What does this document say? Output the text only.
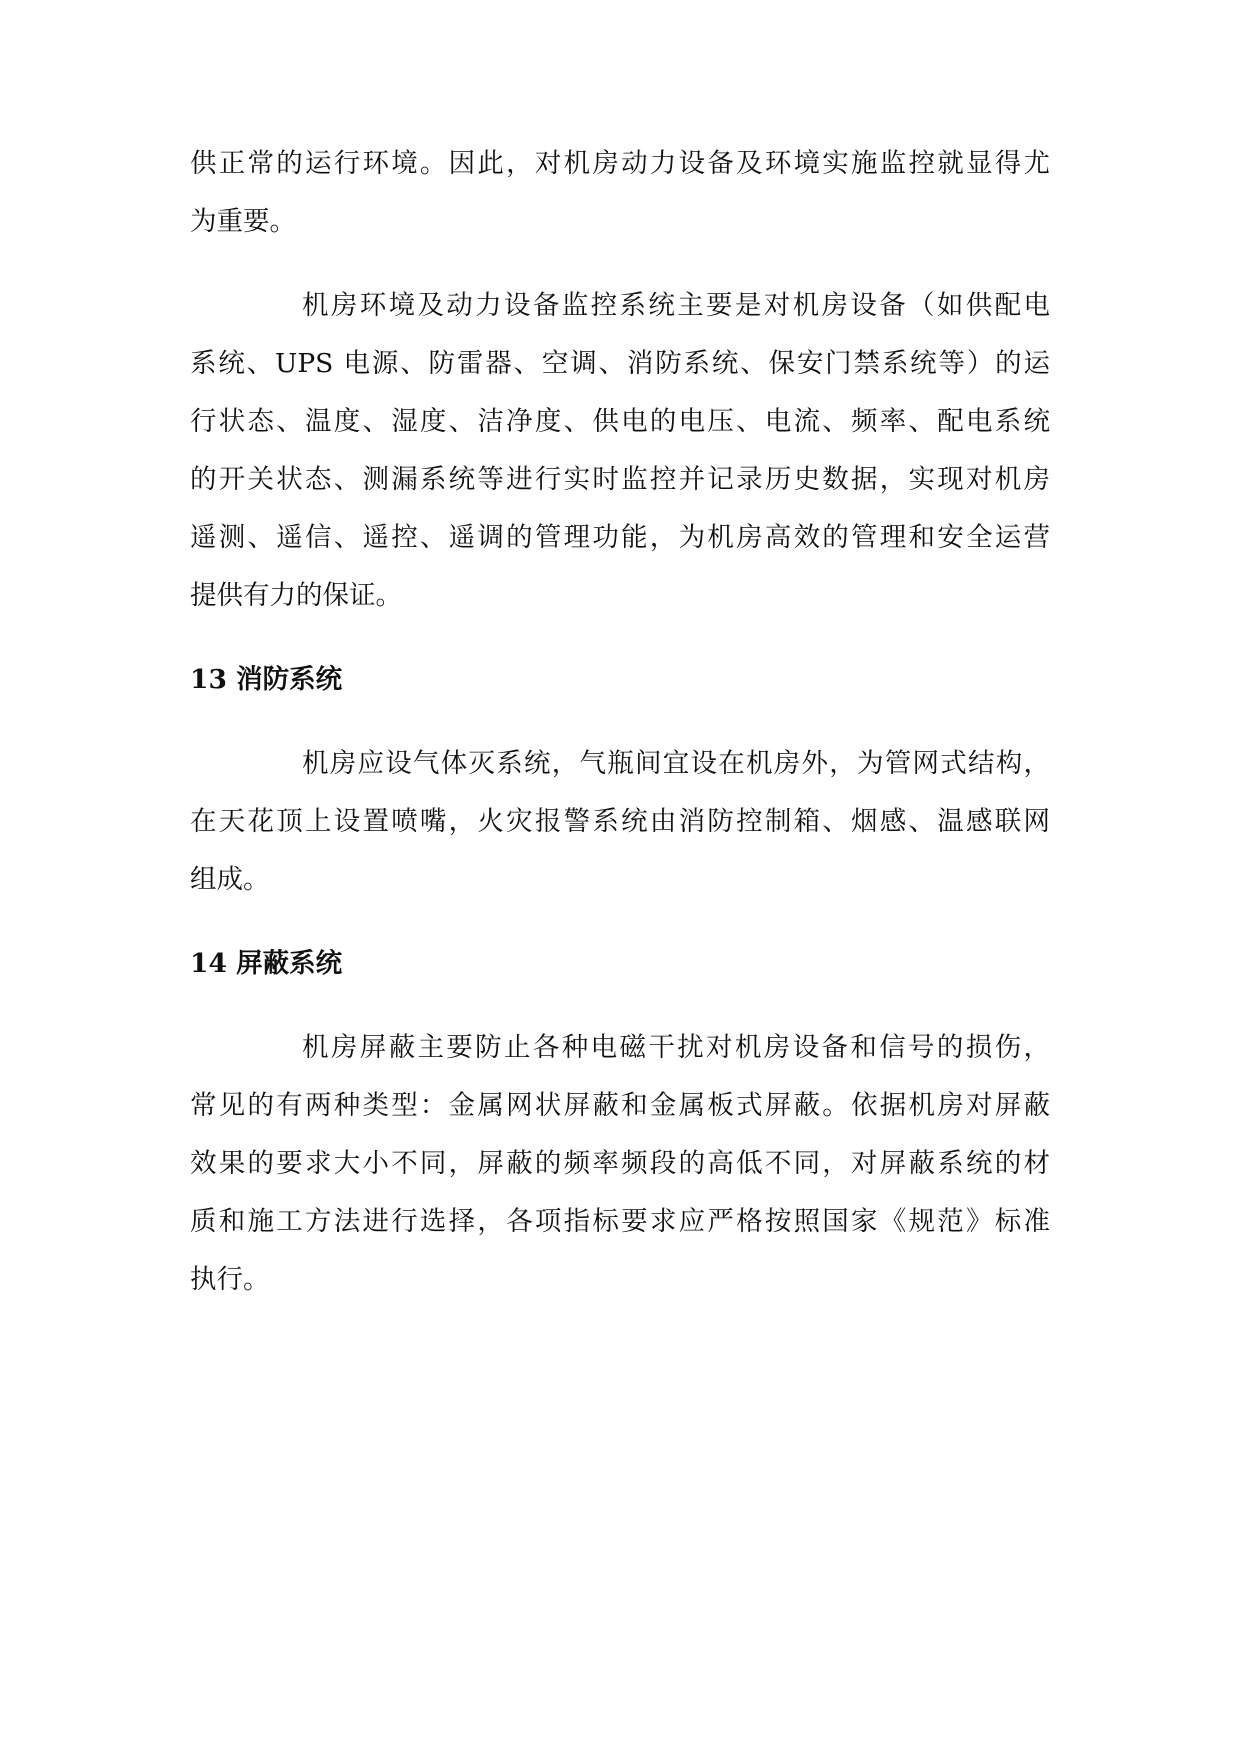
供正常的运行环境。因此，对机房动力设备及环境实施监控就显得尤
为重要。
机房环境及动力设备监控系统主要是对机房设备（如供配电
系统、UPS 电源、防雷器、空调、消防系统、保安门禁系统等）的运
行状态、温度、湿度、洁净度、供电的电压、电流、频率、配电系统
的开关状态、测漏系统等进行实时监控并记录历史数据，实现对机房
遥测、遥信、遥控、遥调的管理功能，为机房高效的管理和安全运营
提供有力的保证。
13 消防系统
机房应设气体灭系统，气瓶间宜设在机房外，为管网式结构，
在天花顶上设置喷嘴，火灾报警系统由消防控制箱、烟感、温感联网
组成。
14 屏蔽系统
机房屏蔽主要防止各种电磁干扰对机房设备和信号的损伤，
常见的有两种类型：金属网状屏蔽和金属板式屏蔽。依据机房对屏蔽
效果的要求大小不同，屏蔽的频率频段的高低不同，对屏蔽系统的材
质和施工方法进行选择，各项指标要求应严格按照国家《规范》标准
执行。
